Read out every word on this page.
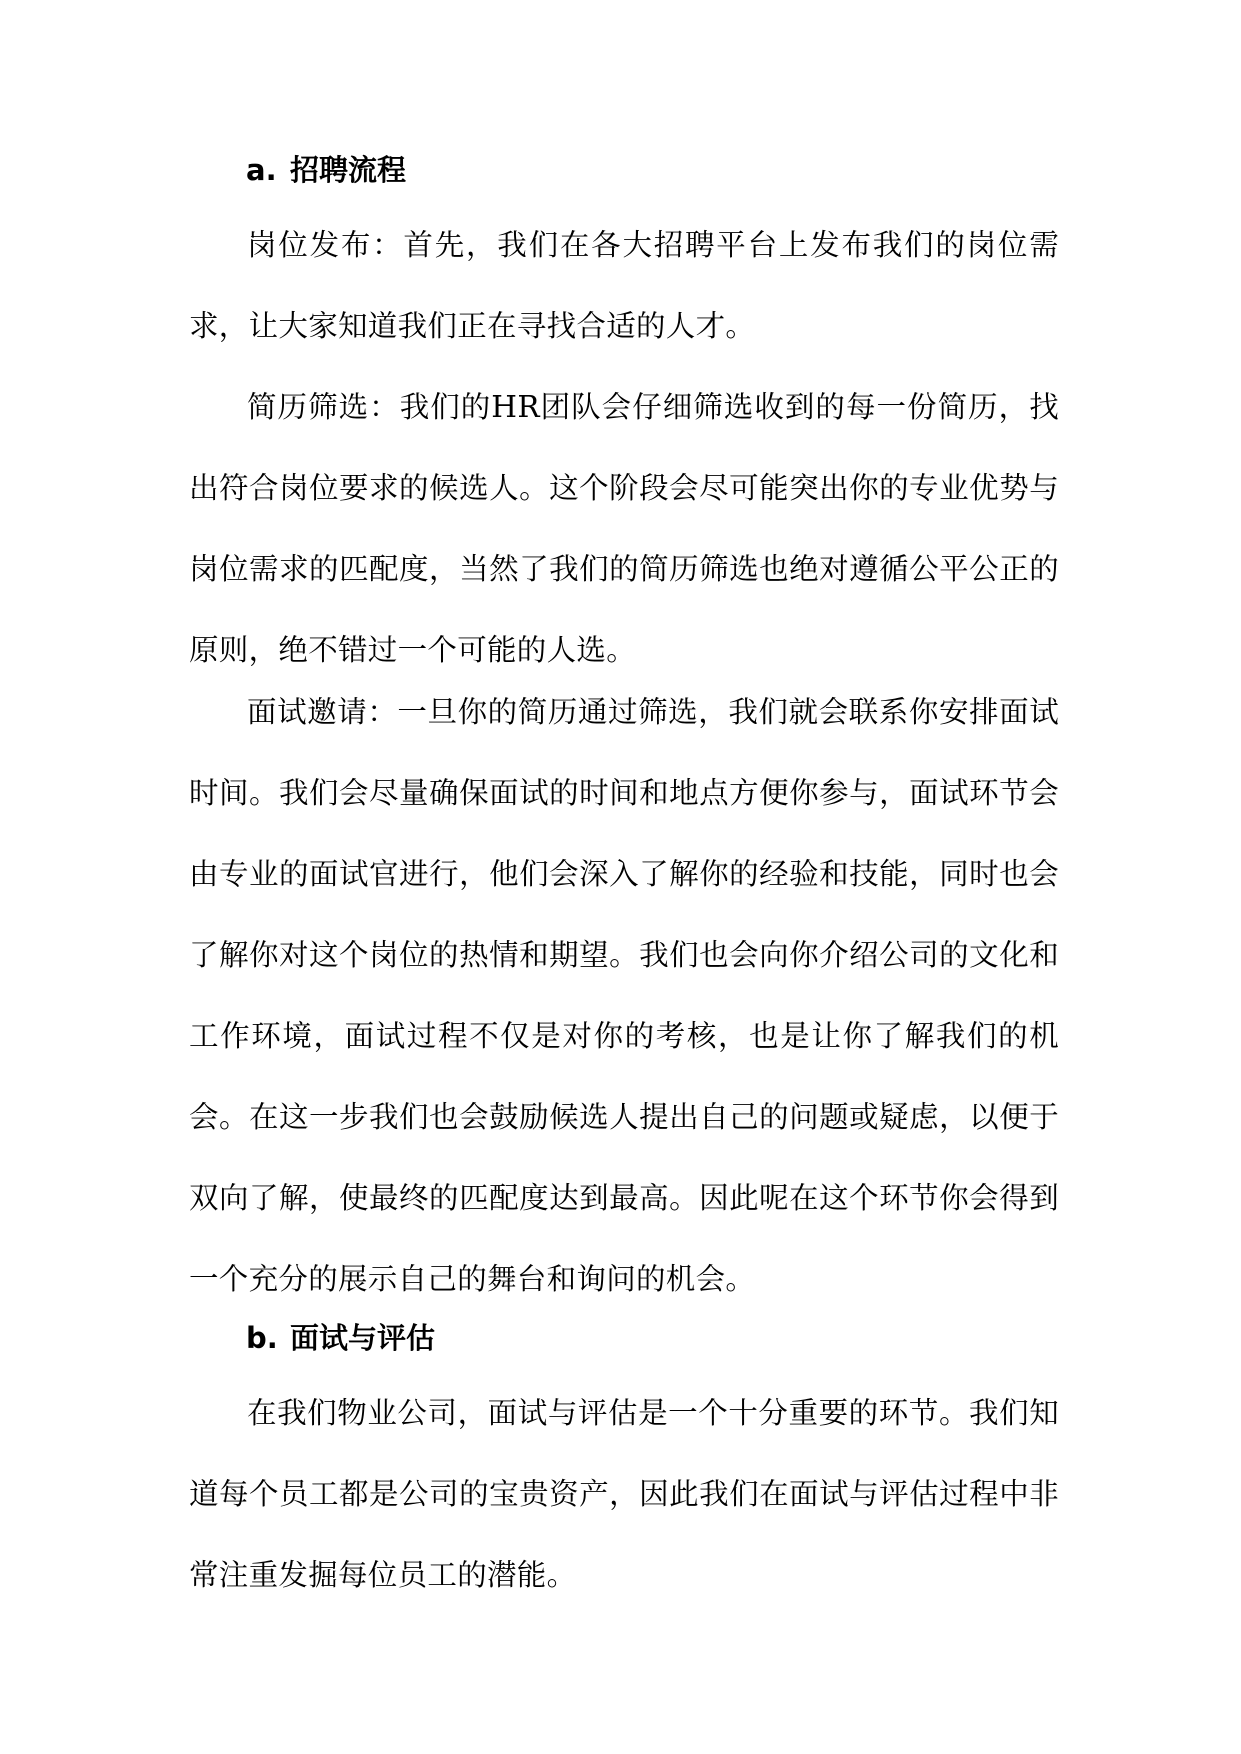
a. 招聘流程

岗位发布：首先，我们在各大招聘平台上发布我们的岗位需求，让大家知道我们正在寻找合适的人才。

简历筛选：我们的HR团队会仔细筛选收到的每一份简历，找出符合岗位要求的候选人。这个阶段会尽可能突出你的专业优势与岗位需求的匹配度，当然了我们的简历筛选也绝对遵循公平公正的原则，绝不错过一个可能的人选。

面试邀请：一旦你的简历通过筛选，我们就会联系你安排面试时间。我们会尽量确保面试的时间和地点方便你参与，面试环节会由专业的面试官进行，他们会深入了解你的经验和技能，同时也会了解你对这个岗位的热情和期望。我们也会向你介绍公司的文化和工作环境，面试过程不仅是对你的考核，也是让你了解我们的机会。在这一步我们也会鼓励候选人提出自己的问题或疑虑，以便于双向了解，使最终的匹配度达到最高。因此呢在这个环节你会得到一个充分的展示自己的舞台和询问的机会。

b. 面试与评估

在我们物业公司，面试与评估是一个十分重要的环节。我们知道每个员工都是公司的宝贵资产，因此我们在面试与评估过程中非常注重发掘每位员工的潜能。
